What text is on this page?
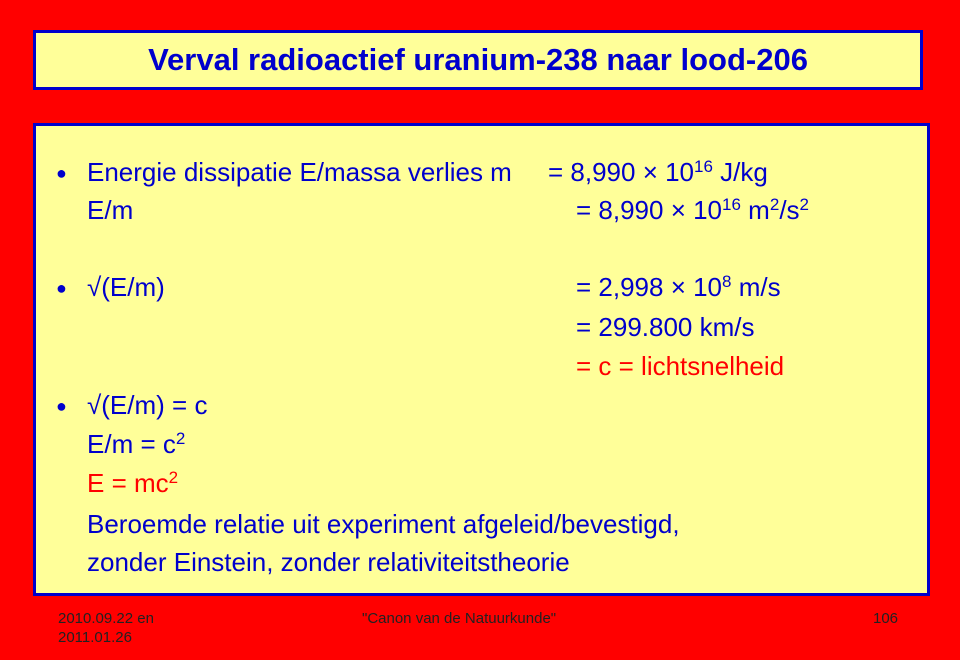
Verval radioactief uranium-238 naar lood-206
● Energie dissipatie E/massa verlies $m = 8,990 \times 10^{16}$ J/kg
E/m	= $8,990 \times 10^{16}$ $m^2/s^2$
● √(E/m)	= $2,998 \times 10^8$ m/s
= 299.800 km/s
= c = lichtsnelheid
● √(E/m) = c
$E/m = c^2$
$E = mc^2$
Beroemde relatie uit experiment afgeleid/bevestigd,
zonder Einstein, zonder relativiteitstheorie
2010.09.22 en
2011.01.26
"Canon van de Natuurkunde"	106
